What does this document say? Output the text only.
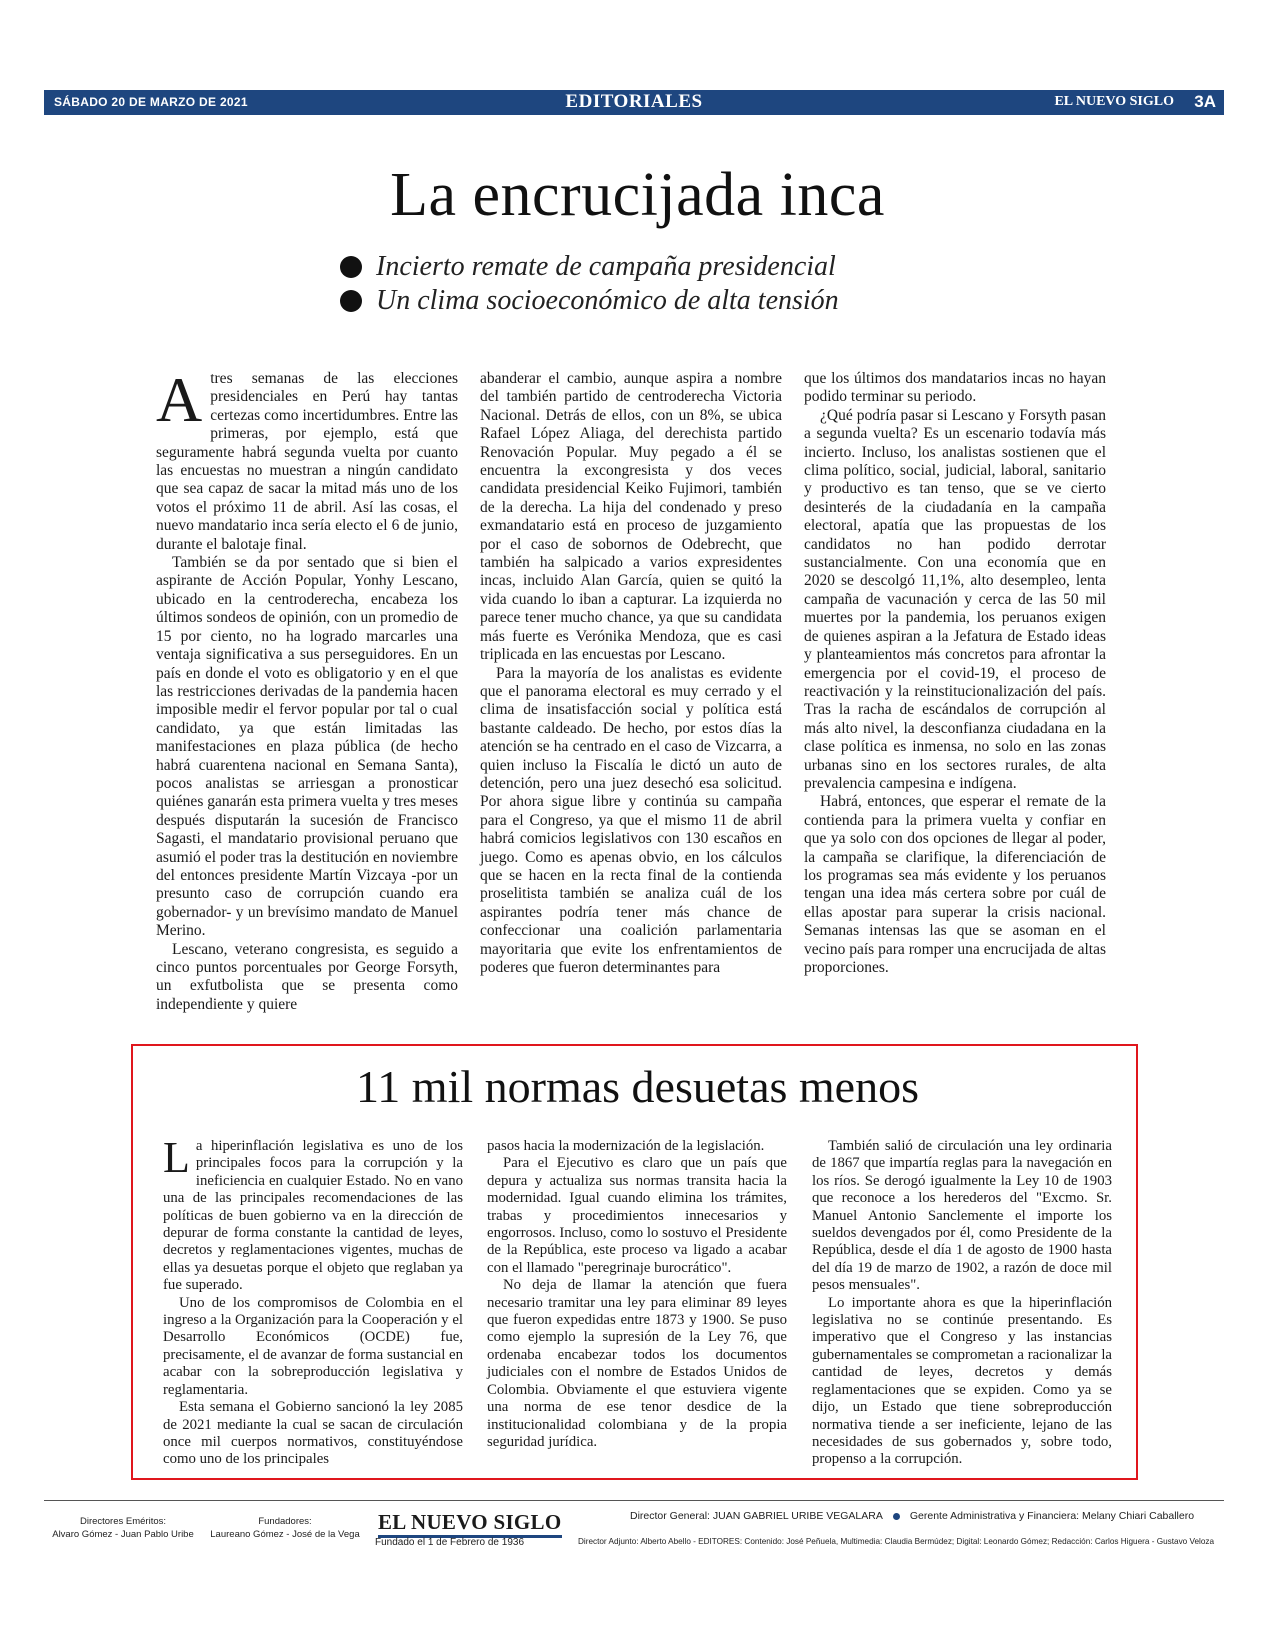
SÁBADO 20 DE MARZO DE 2021	EDITORIALES	EL NUEVO SIGLO 3A
La encrucijada inca
Incierto remate de campaña presidencial
Un clima socioeconómico de alta tensión

Atres semanas de las elecciones presidenciales en Perú hay tantas certezas como incertidumbres. Entre las primeras, por ejemplo, está que seguramente habrá segunda vuelta por cuanto las encuestas no muestran a ningún candidato que sea capaz de sacar la mitad más uno de los votos el próximo 11 de abril. Así las cosas, el nuevo mandatario inca sería electo el 6 de junio, durante el balotaje final.

También se da por sentado que si bien el aspirante de Acción Popular, Yonhy Lescano, ubicado en la centroderecha, encabeza los últimos sondeos de opinión, con un promedio de 15 por ciento, no ha logrado marcarles una ventaja significativa a sus perseguidores. En un país en donde el voto es obligatorio y en el que las restricciones derivadas de la pandemia hacen imposible medir el fervor popular por tal o cual candidato, ya que están limitadas las manifestaciones en plaza pública (de hecho habrá cuarentena nacional en Semana Santa), pocos analistas se arriesgan a pronosticar quiénes ganarán esta primera vuelta y tres meses después disputarán la sucesión de Francisco Sagasti, el mandatario provisional peruano que asumió el poder tras la destitución en noviembre del entonces presidente Martín Vizcaya -por un presunto caso de corrupción cuando era gobernador- y un brevísimo mandato de Manuel Merino.

Lescano, veterano congresista, es seguido a cinco puntos porcentuales por George Forsyth, un exfutbolista que se presenta como independiente y quiere

abanderar el cambio, aunque aspira a nombre del también partido de centroderecha Victoria Nacional. Detrás de ellos, con un 8%, se ubica Rafael López Aliaga, del derechista partido Renovación Popular. Muy pegado a él se encuentra la excongresista y dos veces candidata presidencial Keiko Fujimori, también de la derecha. La hija del condenado y preso exmandatario está en proceso de juzgamiento por el caso de sobornos de Odebrecht, que también ha salpicado a varios expresidentes incas, incluido Alan García, quien se quitó la vida cuando lo iban a capturar. La izquierda no parece tener mucho chance, ya que su candidata más fuerte es Verónika Mendoza, que es casi triplicada en las encuestas por Lescano.

Para la mayoría de los analistas es evidente que el panorama electoral es muy cerrado y el clima de insatisfacción social y política está bastante caldeado. De hecho, por estos días la atención se ha centrado en el caso de Vizcarra, a quien incluso la Fiscalía le dictó un auto de detención, pero una juez desechó esa solicitud. Por ahora sigue libre y continúa su campaña para el Congreso, ya que el mismo 11 de abril habrá comicios legislativos con 130 escaños en juego. Como es apenas obvio, en los cálculos que se hacen en la recta final de la contienda proselitista también se analiza cuál de los aspirantes podría tener más chance de confeccionar una coalición parlamentaria mayoritaria que evite los enfrentamientos de poderes que fueron determinantes para

que los últimos dos mandatarios incas no hayan podido terminar su periodo.

¿Qué podría pasar si Lescano y Forsyth pasan a segunda vuelta? Es un escenario todavía más incierto. Incluso, los analistas sostienen que el clima político, social, judicial, laboral, sanitario y productivo es tan tenso, que se ve cierto desinterés de la ciudadanía en la campaña electoral, apatía que las propuestas de los candidatos no han podido derrotar sustancialmente. Con una economía que en 2020 se descolgó 11,1%, alto desempleo, lenta campaña de vacunación y cerca de las 50 mil muertes por la pandemia, los peruanos exigen de quienes aspiran a la Jefatura de Estado ideas y planteamientos más concretos para afrontar la emergencia por el covid-19, el proceso de reactivación y la reinstitucionalización del país. Tras la racha de escándalos de corrupción al más alto nivel, la desconfianza ciudadana en la clase política es inmensa, no solo en las zonas urbanas sino en los sectores rurales, de alta prevalencia campesina e indígena.

Habrá, entonces, que esperar el remate de la contienda para la primera vuelta y confiar en que ya solo con dos opciones de llegar al poder, la campaña se clarifique, la diferenciación de los programas sea más evidente y los peruanos tengan una idea más certera sobre por cuál de ellas apostar para superar la crisis nacional. Semanas intensas las que se asoman en el vecino país para romper una encrucijada de altas proporciones.

11 mil normas desuetas menos

La hiperinflación legislativa es uno de los principales focos para la corrupción y la ineficiencia en cualquier Estado. No en vano una de las principales recomendaciones de las políticas de buen gobierno va en la dirección de depurar de forma constante la cantidad de leyes, decretos y reglamentaciones vigentes, muchas de ellas ya desuetas porque el objeto que reglaban ya fue superado.

Uno de los compromisos de Colombia en el ingreso a la Organización para la Cooperación y el Desarrollo Económicos (OCDE) fue, precisamente, el de avanzar de forma sustancial en acabar con la sobreproducción legislativa y reglamentaria.

Esta semana el Gobierno sancionó la ley 2085 de 2021 mediante la cual se sacan de circulación once mil cuerpos normativos, constituyéndose como uno de los principales

pasos hacia la modernización de la legislación.

Para el Ejecutivo es claro que un país que depura y actualiza sus normas transita hacia la modernidad. Igual cuando elimina los trámites, trabas y procedimientos innecesarios y engorrosos. Incluso, como lo sostuvo el Presidente de la República, este proceso va ligado a acabar con el llamado "peregrinaje burocrático".

No deja de llamar la atención que fuera necesario tramitar una ley para eliminar 89 leyes que fueron expedidas entre 1873 y 1900. Se puso como ejemplo la supresión de la Ley 76, que ordenaba encabezar todos los documentos judiciales con el nombre de Estados Unidos de Colombia. Obviamente el que estuviera vigente una norma de ese tenor desdice de la institucionalidad colombiana y de la propia seguridad jurídica.

También salió de circulación una ley ordinaria de 1867 que impartía reglas para la navegación en los ríos. Se derogó igualmente la Ley 10 de 1903 que reconoce a los herederos del "Excmo. Sr. Manuel Antonio Sanclemente el importe los sueldos devengados por él, como Presidente de la República, desde el día 1 de agosto de 1900 hasta del día 19 de marzo de 1902, a razón de doce mil pesos mensuales".

Lo importante ahora es que la hiperinflación legislativa no se continúe presentando. Es imperativo que el Congreso y las instancias gubernamentales se comprometan a racionalizar la cantidad de leyes, decretos y demás reglamentaciones que se expiden. Como ya se dijo, un Estado que tiene sobreproducción normativa tiende a ser ineficiente, lejano de las necesidades de sus gobernados y, sobre todo, propenso a la corrupción.

Directores Eméritos:
Alvaro Gómez - Juan Pablo Uribe
Fundadores:
Laureano Gómez - José de la Vega
EL NUEVO SIGLO
Fundado el 1 de Febrero de 1936
Director General: JUAN GABRIEL URIBE VEGALARA	Gerente Administrativa y Financiera: Melany Chiari Caballero
Director Adjunto: Alberto Abello - EDITORES: Contenido: José Peñuela, Multimedia: Claudia Bermúdez; Digital: Leonardo Gómez; Redacción: Carlos Higuera - Gustavo Veloza
